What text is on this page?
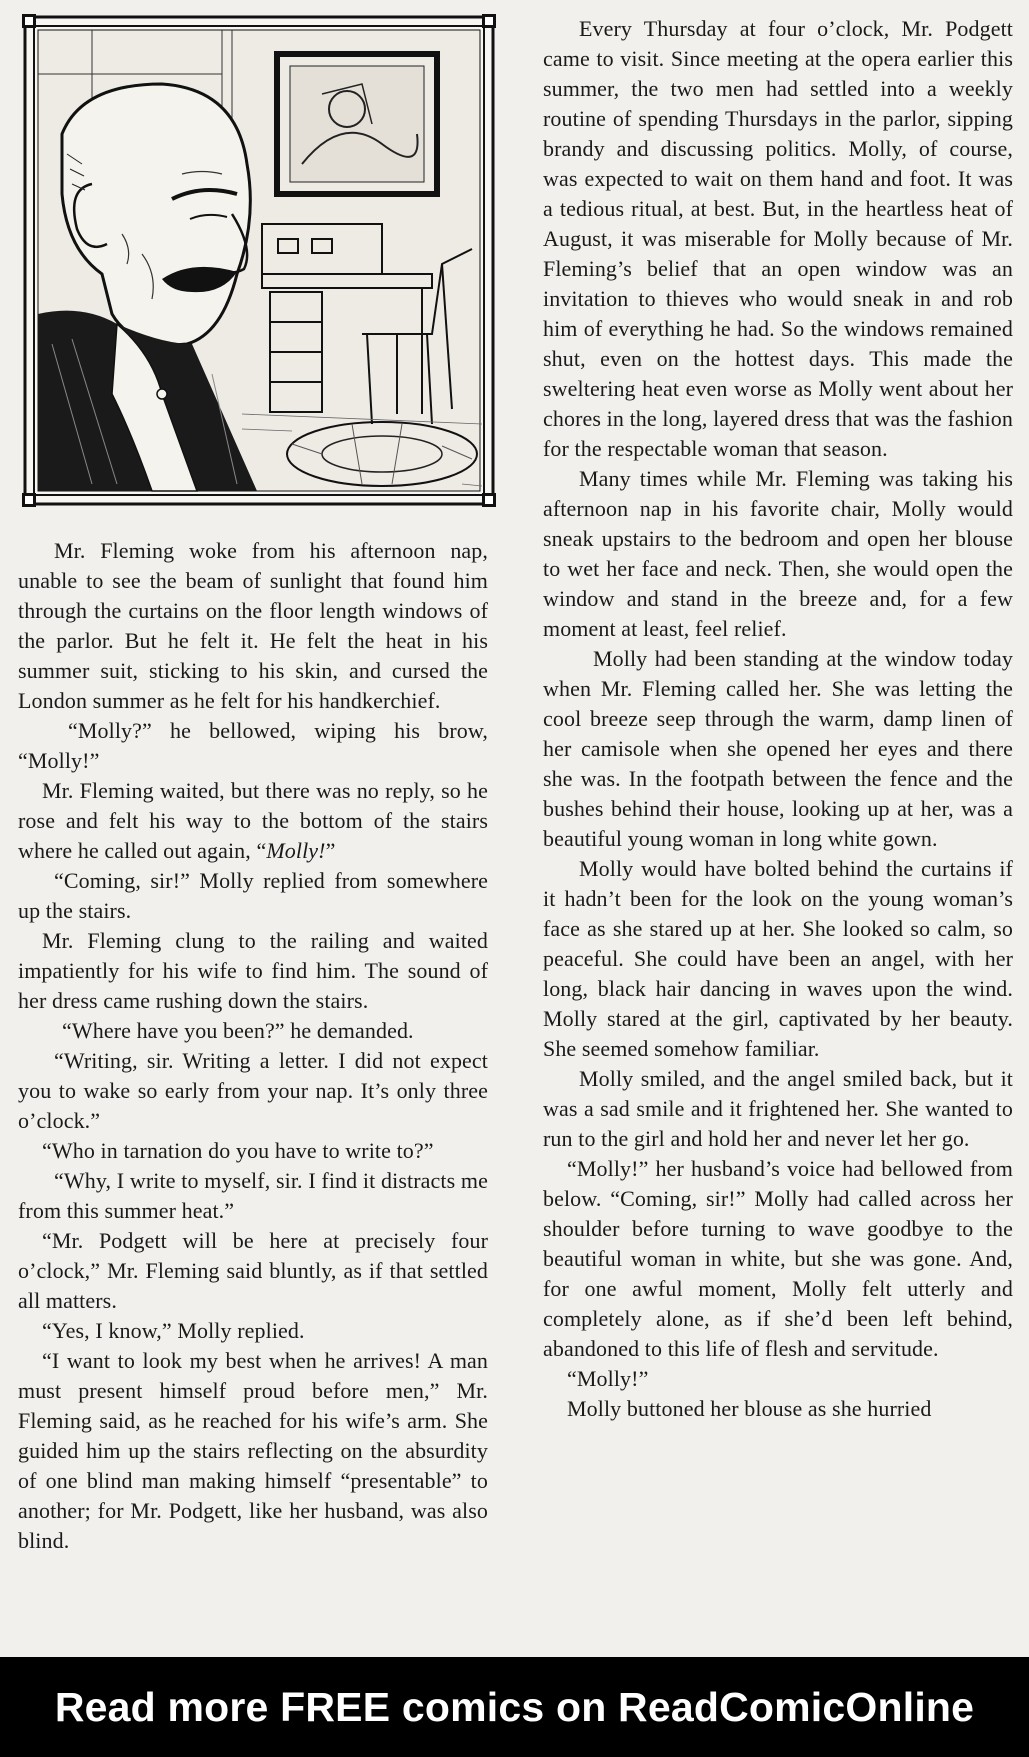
Mr. Fleming woke from his afternoon nap, unable to see the beam of sunlight that found him through the curtains on the floor length windows of the parlor. But he felt it. He felt the heat in his summer suit, sticking to his skin, and cursed the London summer as he felt for his handkerchief.

“Molly?” he bellowed, wiping his brow, “Molly!”

Mr. Fleming waited, but there was no reply, so he rose and felt his way to the bottom of the stairs where he called out again, “Molly!”

“Coming, sir!” Molly replied from somewhere up the stairs.

Mr. Fleming clung to the railing and waited impatiently for his wife to find him. The sound of her dress came rushing down the stairs.

“Where have you been?” he demanded.

“Writing, sir. Writing a letter. I did not expect you to wake so early from your nap. It’s only three o’clock.”

“Who in tarnation do you have to write to?”

“Why, I write to myself, sir. I find it distracts me from this summer heat.”

“Mr. Podgett will be here at precisely four o’clock,” Mr. Fleming said bluntly, as if that settled all matters.

“Yes, I know,” Molly replied.

“I want to look my best when he arrives! A man must present himself proud before men,” Mr. Fleming said, as he reached for his wife’s arm. She guided him up the stairs reflecting on the absurdity of one blind man making himself “presentable” to another; for Mr. Podgett, like her husband, was also blind.

Every Thursday at four o’clock, Mr. Podgett came to visit. Since meeting at the opera earlier this summer, the two men had settled into a weekly routine of spending Thursdays in the parlor, sipping brandy and discussing politics. Molly, of course, was expected to wait on them hand and foot. It was a tedious ritual, at best. But, in the heartless heat of August, it was miserable for Molly because of Mr. Fleming’s belief that an open window was an invitation to thieves who would sneak in and rob him of everything he had. So the windows remained shut, even on the hottest days. This made the sweltering heat even worse as Molly went about her chores in the long, layered dress that was the fashion for the respectable woman that season.

Many times while Mr. Fleming was taking his afternoon nap in his favorite chair, Molly would sneak upstairs to the bedroom and open her blouse to wet her face and neck. Then, she would open the window and stand in the breeze and, for a few moment at least, feel relief.

Molly had been standing at the window today when Mr. Fleming called her. She was letting the cool breeze seep through the warm, damp linen of her camisole when she opened her eyes and there she was. In the footpath between the fence and the bushes behind their house, looking up at her, was a beautiful young woman in long white gown.

Molly would have bolted behind the curtains if it hadn’t been for the look on the young woman’s face as she stared up at her. She looked so calm, so peaceful. She could have been an angel, with her long, black hair dancing in waves upon the wind. Molly stared at the girl, captivated by her beauty. She seemed somehow familiar.

Molly smiled, and the angel smiled back, but it was a sad smile and it frightened her. She wanted to run to the girl and hold her and never let her go.

“Molly!” her husband’s voice had bellowed from below. “Coming, sir!” Molly had called across her shoulder before turning to wave goodbye to the beautiful woman in white, but she was gone. And, for one awful moment, Molly felt utterly and completely alone, as if she’d been left behind, abandoned to this life of flesh and servitude.

“Molly!”

Molly buttoned her blouse as she hurried

Read more FREE comics on ReadComicOnline
